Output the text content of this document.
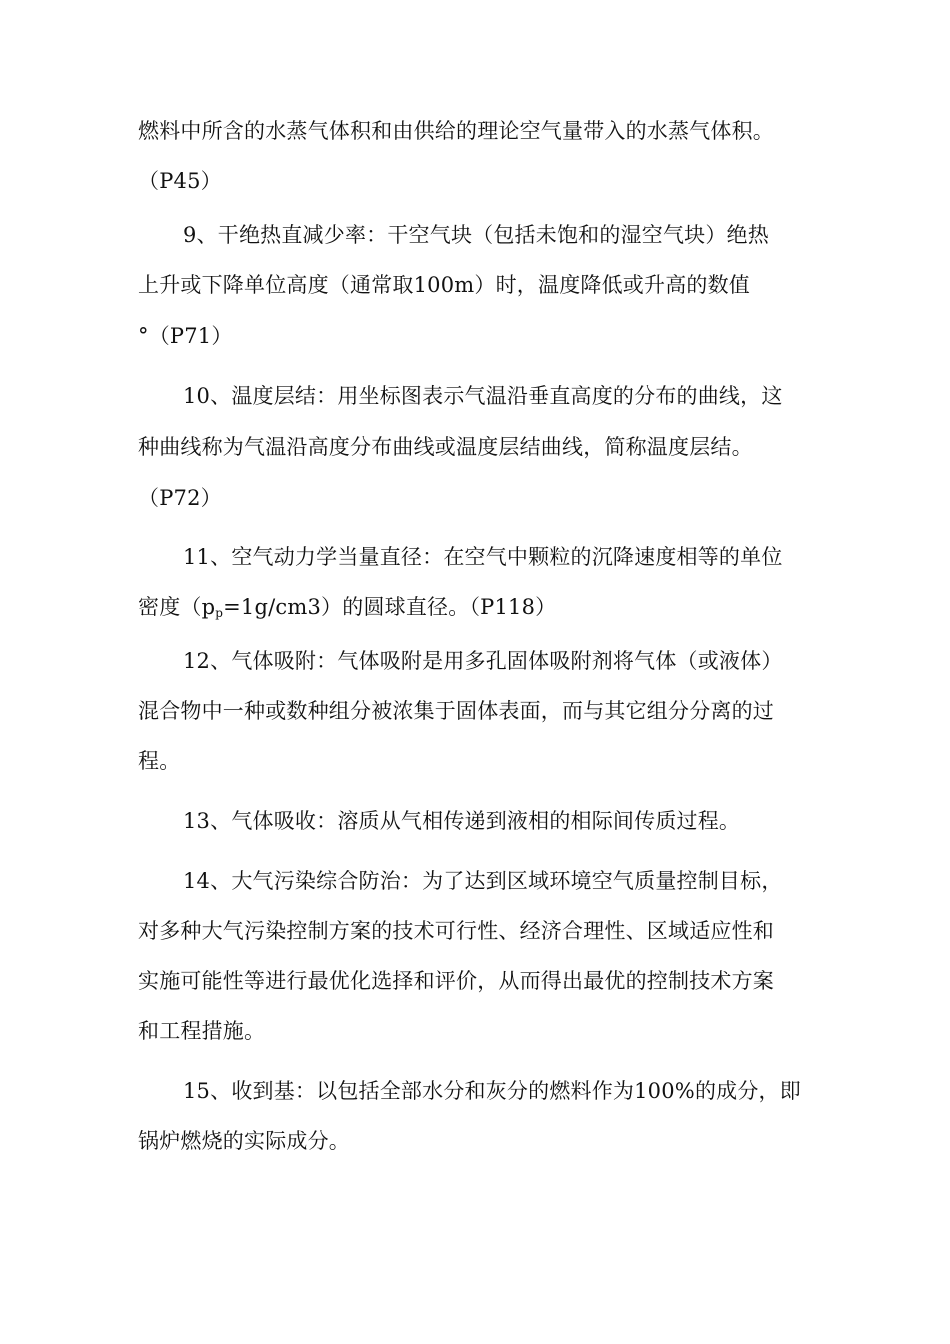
燃料中所含的水蒸气体积和由供给的理论空气量带入的水蒸气体积。
（P45）
9、干绝热直减少率：干空气块（包括未饱和的湿空气块）绝热
上升或下降单位高度（通常取100m）时，温度降低或升高的数值
°（P71）
10、温度层结：用坐标图表示气温沿垂直高度的分布的曲线，这
种曲线称为气温沿高度分布曲线或温度层结曲线，简称温度层结。
（P72）
11、空气动力学当量直径：在空气中颗粒的沉降速度相等的单位
密度$(p_p=1g/cm3)$的圆球直径。（P118）
12、气体吸附：气体吸附是用多孔固体吸附剂将气体（或液体）
混合物中一种或数种组分被浓集于固体表面，而与其它组分分离的过
程。
13、气体吸收：溶质从气相传递到液相的相际间传质过程。
14、大气污染综合防治：为了达到区域环境空气质量控制目标，
对多种大气污染控制方案的技术可行性、经济合理性、区域适应性和
实施可能性等进行最优化选择和评价，从而得出最优的控制技术方案
和工程措施。
15、收到基：以包括全部水分和灰分的燃料作为100%的成分，即
锅炉燃烧的实际成分。
